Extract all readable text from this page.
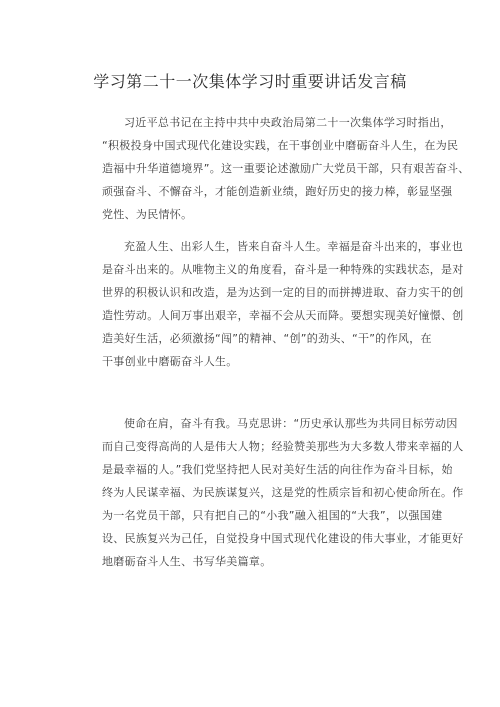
学习第二十一次集体学习时重要讲话发言稿
习近平总书记在主持中共中央政治局第二十一次集体学习时指出，
“积极投身中国式现代化建设实践，在干事创业中磨砺奋斗人生，在为民
造福中升华道德境界”。这一重要论述激励广大党员干部，只有艰苦奋斗、
顽强奋斗、不懈奋斗，才能创造新业绩，跑好历史的接力棒，彰显坚强
党性、为民情怀。
充盈人生、出彩人生，皆来自奋斗人生。幸福是奋斗出来的，事业也
是奋斗出来的。从唯物主义的角度看，奋斗是一种特殊的实践状态，是对
世界的积极认识和改造，是为达到一定的目的而拼搏进取、奋力实干的创
造性劳动。人间万事出艰辛，幸福不会从天而降。要想实现美好憧憬、创
造美好生活，必须激扬“闯”的精神、“创”的劲头、“干”的作风，在
干事创业中磨砺奋斗人生。
使命在肩，奋斗有我。马克思讲：“历史承认那些为共同目标劳动因
而自己变得高尚的人是伟大人物；经验赞美那些为大多数人带来幸福的人
是最幸福的人。”我们党坚持把人民对美好生活的向往作为奋斗目标，始
终为人民谋幸福、为民族谋复兴，这是党的性质宗旨和初心使命所在。作
为一名党员干部，只有把自己的“小我”融入祖国的“大我”，以强国建
设、民族复兴为己任，自觉投身中国式现代化建设的伟大事业，才能更好
地磨砺奋斗人生、书写华美篇章。
